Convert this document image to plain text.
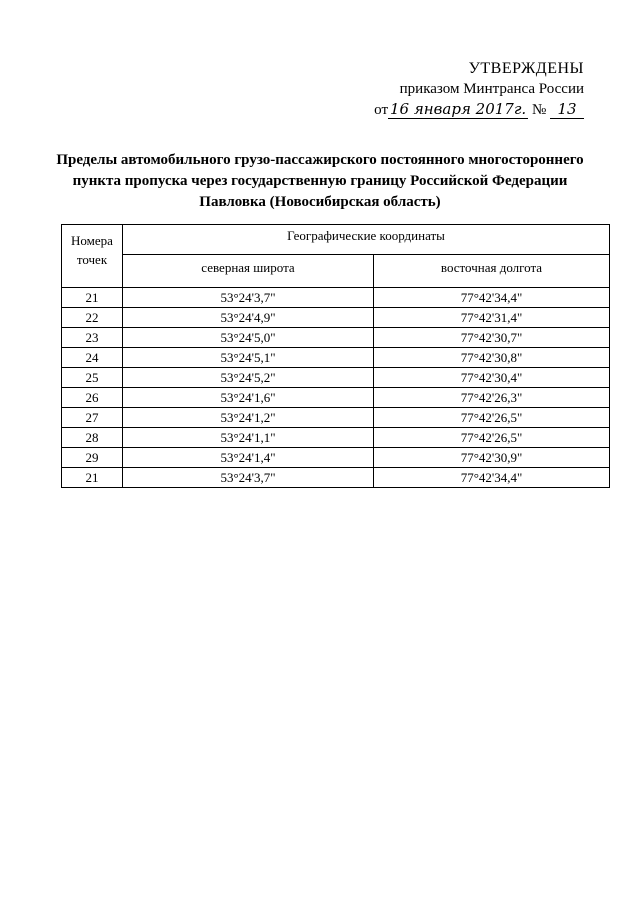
УТВЕРЖДЕНЫ
приказом Минтранса России
от 16 января 2017г. № 13
Пределы автомобильного грузо-пассажирского постоянного многостороннего
пункта пропуска через государственную границу Российской Федерации
Павловка (Новосибирская область)
Номера
точек	Географические координаты	
	северная широта	восточная долгота
21	53°24'3,7"	77°42'34,4"
22	53°24'4,9"	77°42'31,4"
23	53°24'5,0"	77°42'30,7"
24	53°24'5,1"	77°42'30,8"
25	53°24'5,2"	77°42'30,4"
26	53°24'1,6"	77°42'26,3"
27	53°24'1,2"	77°42'26,5"
28	53°24'1,1"	77°42'26,5"
29	53°24'1,4"	77°42'30,9"
21	53°24'3,7"	77°42'34,4"
